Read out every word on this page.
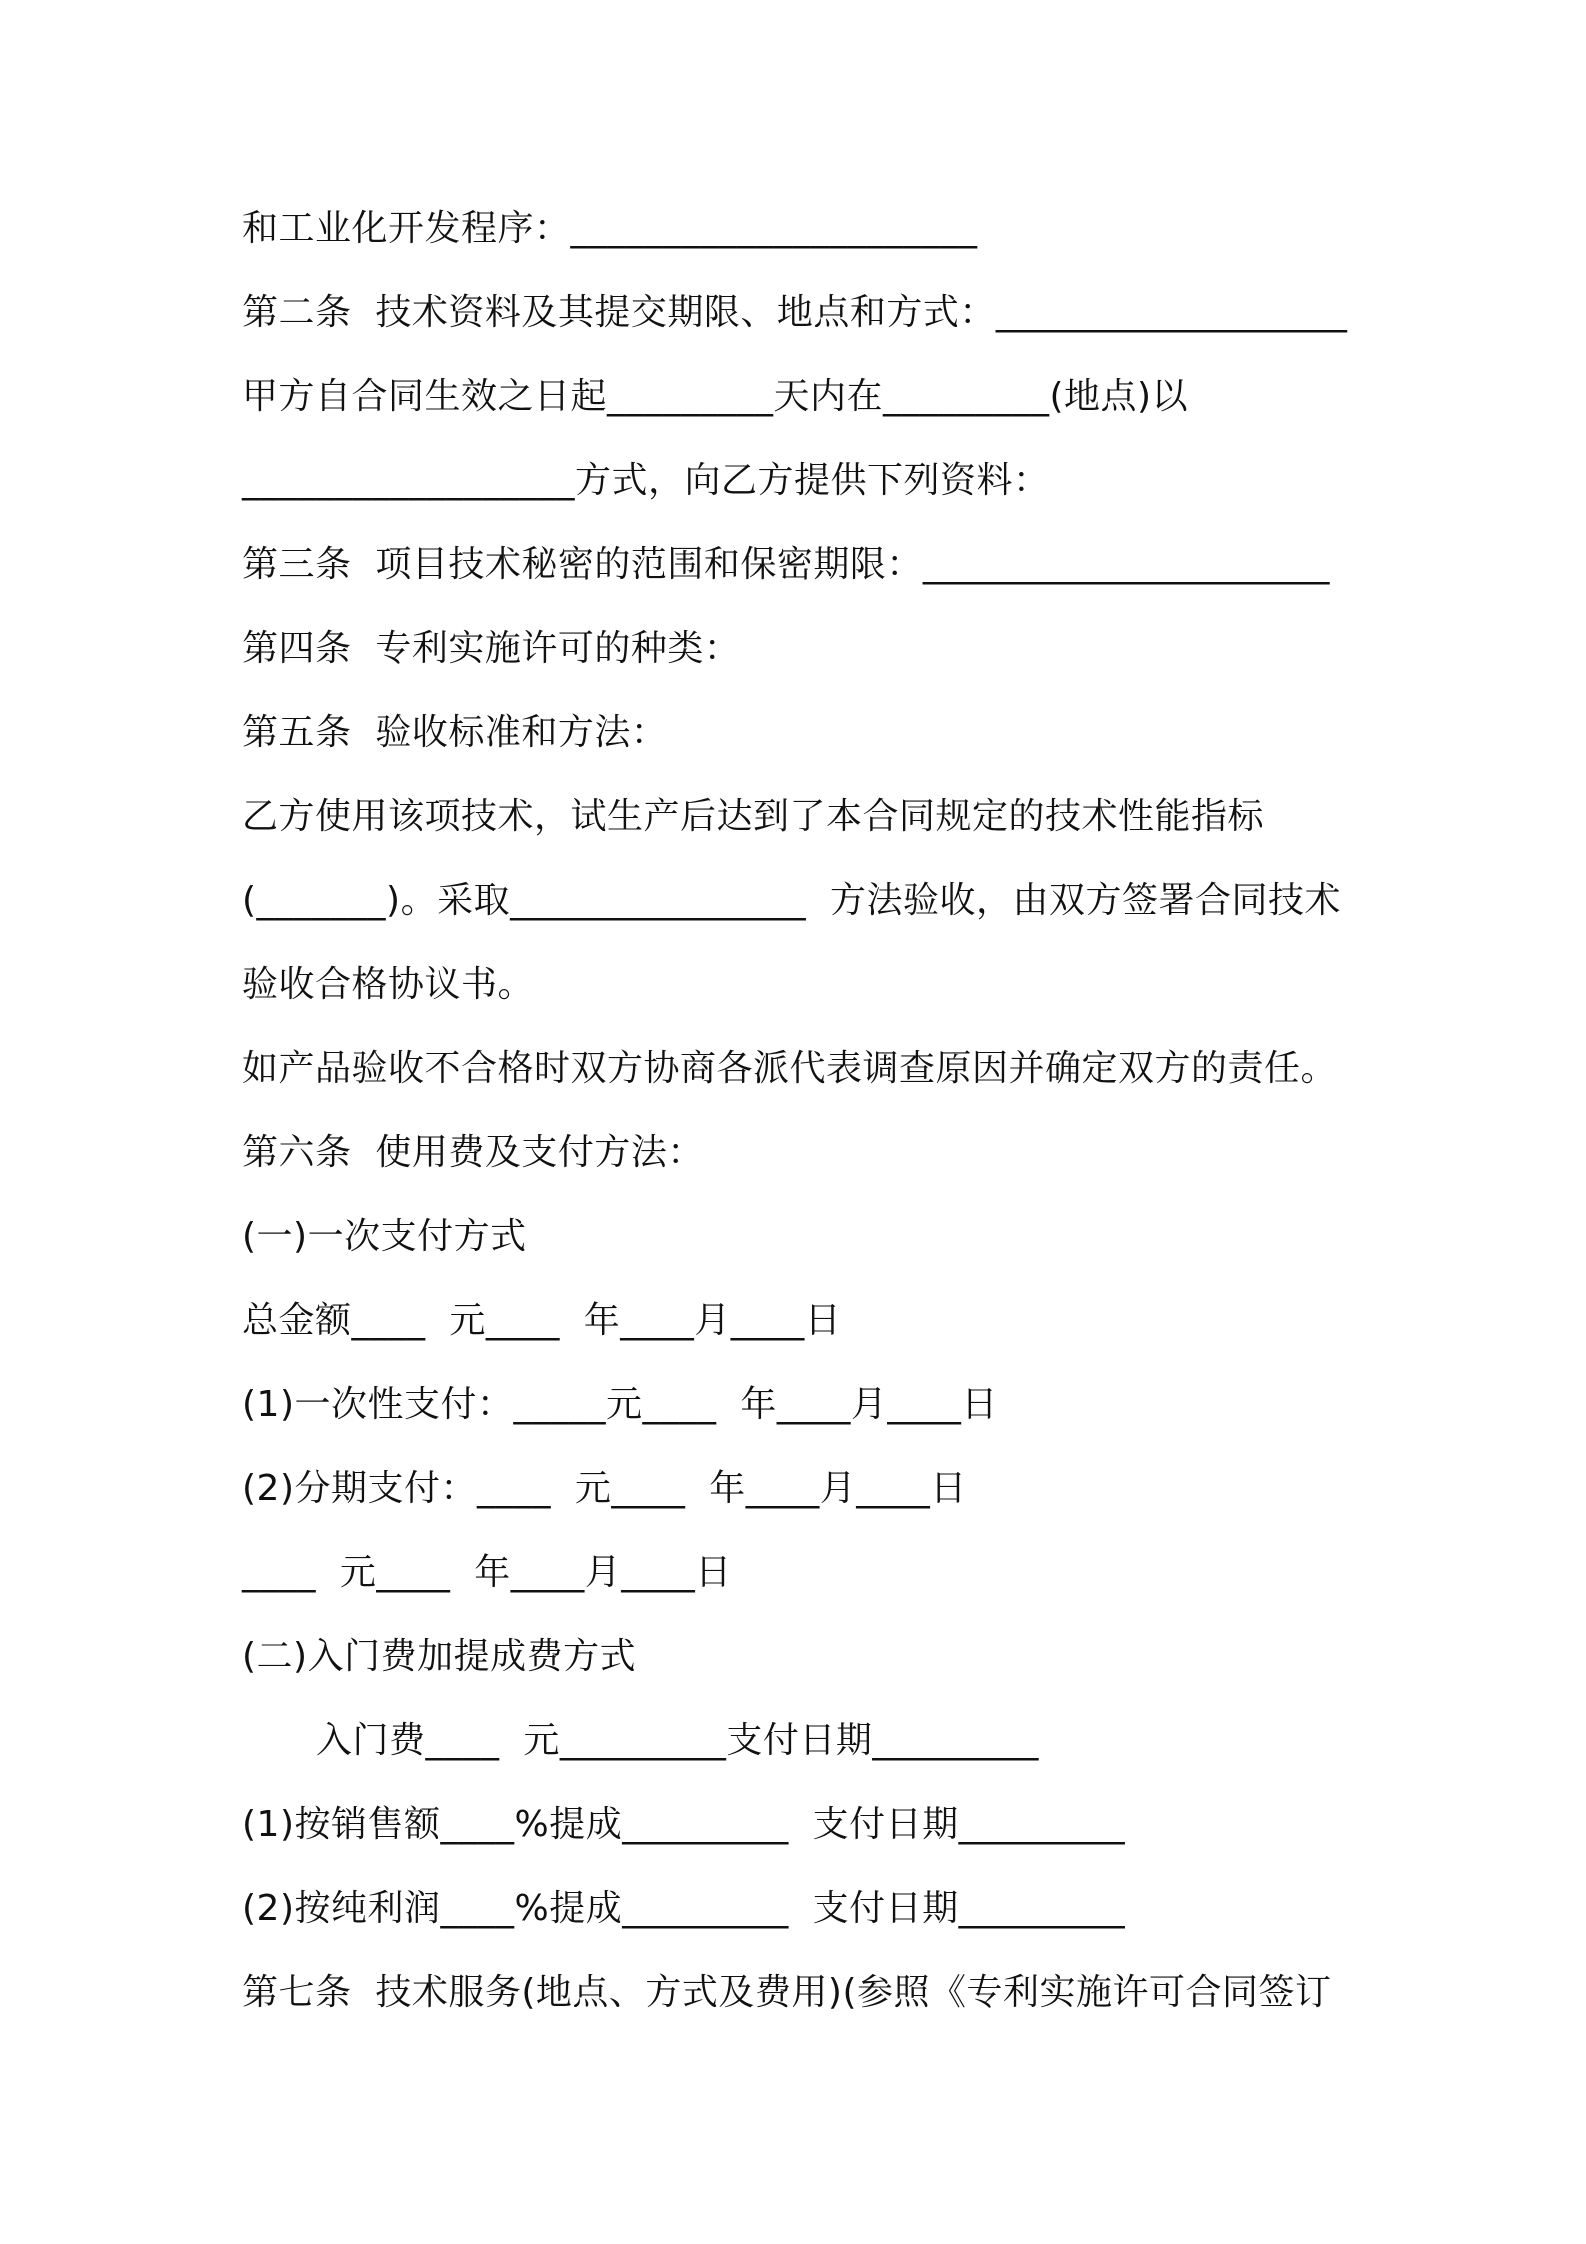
和工业化开发程序：______________________
第二条  技术资料及其提交期限、地点和方式：___________________
甲方自合同生效之日起_________天内在_________(地点)以
__________________方式，向乙方提供下列资料：
第三条  项目技术秘密的范围和保密期限：______________________
第四条  专利实施许可的种类：
第五条  验收标准和方法：
乙方使用该项技术，试生产后达到了本合同规定的技术性能指标
(_______)。采取________________  方法验收，由双方签署合同技术
验收合格协议书。
如产品验收不合格时双方协商各派代表调查原因并确定双方的责任。
第六条  使用费及支付方法：
(一)一次支付方式
总金额____  元____  年____月____日
(1)一次性支付：_____元____  年____月____日
(2)分期支付：____  元____  年____月____日
____  元____  年____月____日
(二)入门费加提成费方式
入门费____  元_________支付日期_________
(1)按销售额____%提成_________  支付日期_________
(2)按纯利润____%提成_________  支付日期_________
第七条  技术服务(地点、方式及费用)(参照《专利实施许可合同签订
